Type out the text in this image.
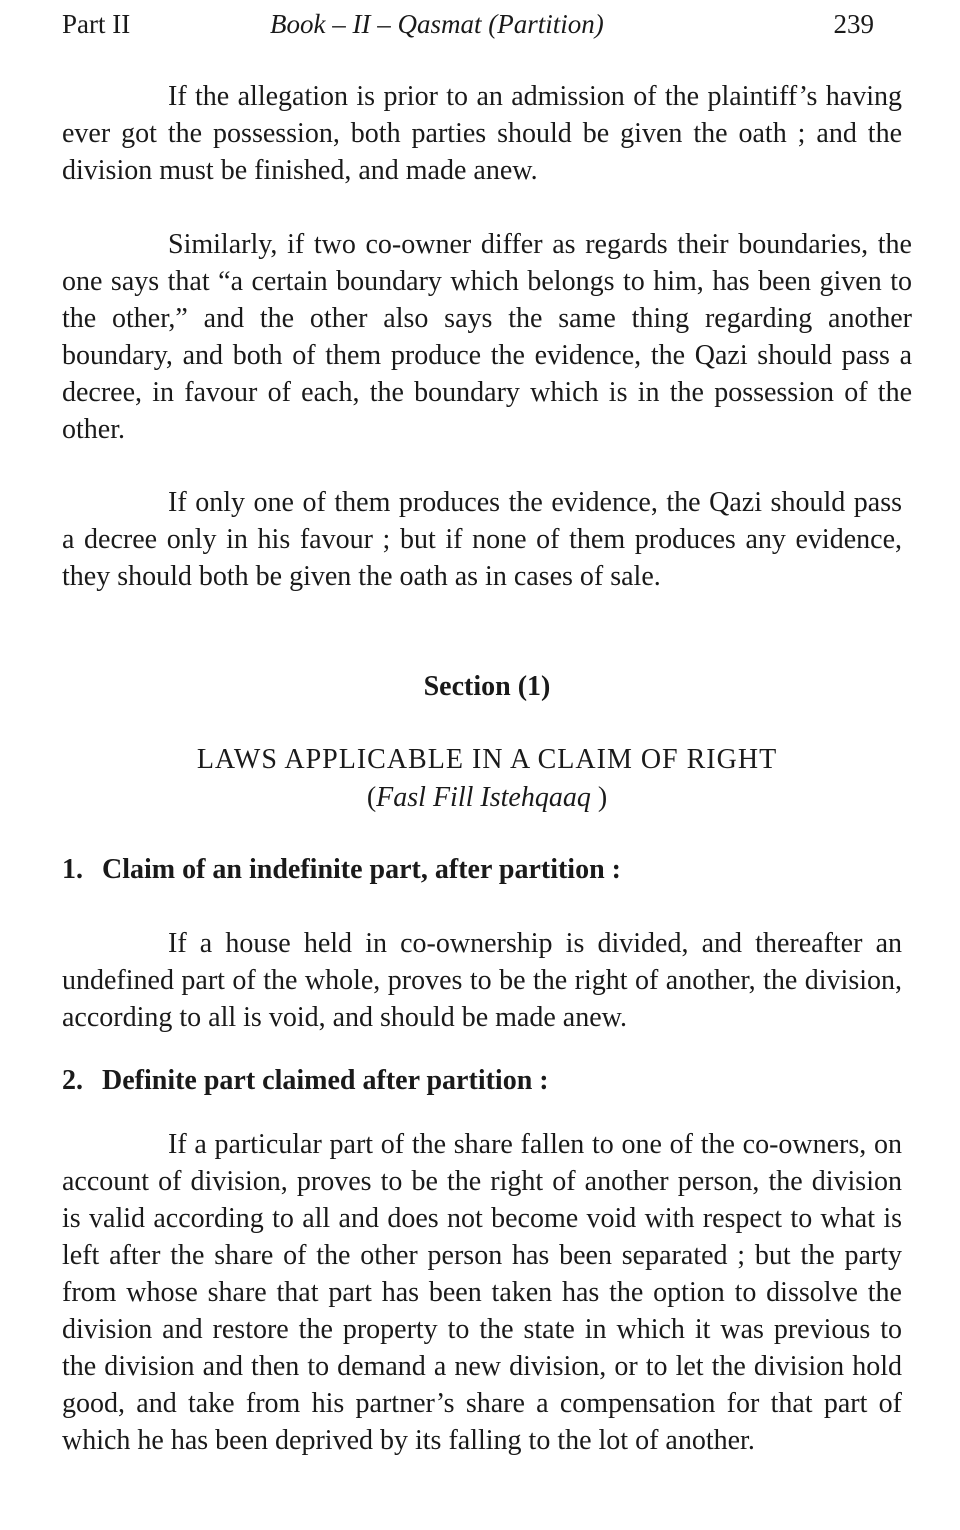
Part II	Book – II – Qasmat (Partition)	239

If the allegation is prior to an admission of the plaintiff’s having ever got the possession, both parties should be given the oath ; and the division must be finished, and made anew.

Similarly, if two co-owner differ as regards their boundaries, the one says that “a certain boundary which belongs to him, has been given to the other,” and the other also says the same thing regarding another boundary, and both of them produce the evidence, the Qazi should pass a decree, in favour of each, the boundary which is in the possession of the other.

If only one of them produces the evidence, the Qazi should pass a decree only in his favour ; but if none of them produces any evidence, they should both be given the oath as in cases of sale.

Section (1)
LAWS APPLICABLE IN A CLAIM OF RIGHT
(Fasl Fill Istehqaaq )
1. Claim of an indefinite part, after partition :

If a house held in co-ownership is divided, and thereafter an undefined part of the whole, proves to be the right of another, the division, according to all is void, and should be made anew.

2. Definite part claimed after partition :

If a particular part of the share fallen to one of the co-owners, on account of division, proves to be the right of another person, the division is valid according to all and does not become void with respect to what is left after the share of the other person has been separated ; but the party from whose share that part has been taken has the option to dissolve the division and restore the property to the state in which it was previous to the division and then to demand a new division, or to let the division hold good, and take from his partner’s share a compensation for that part of which he has been deprived by its falling to the lot of another.
